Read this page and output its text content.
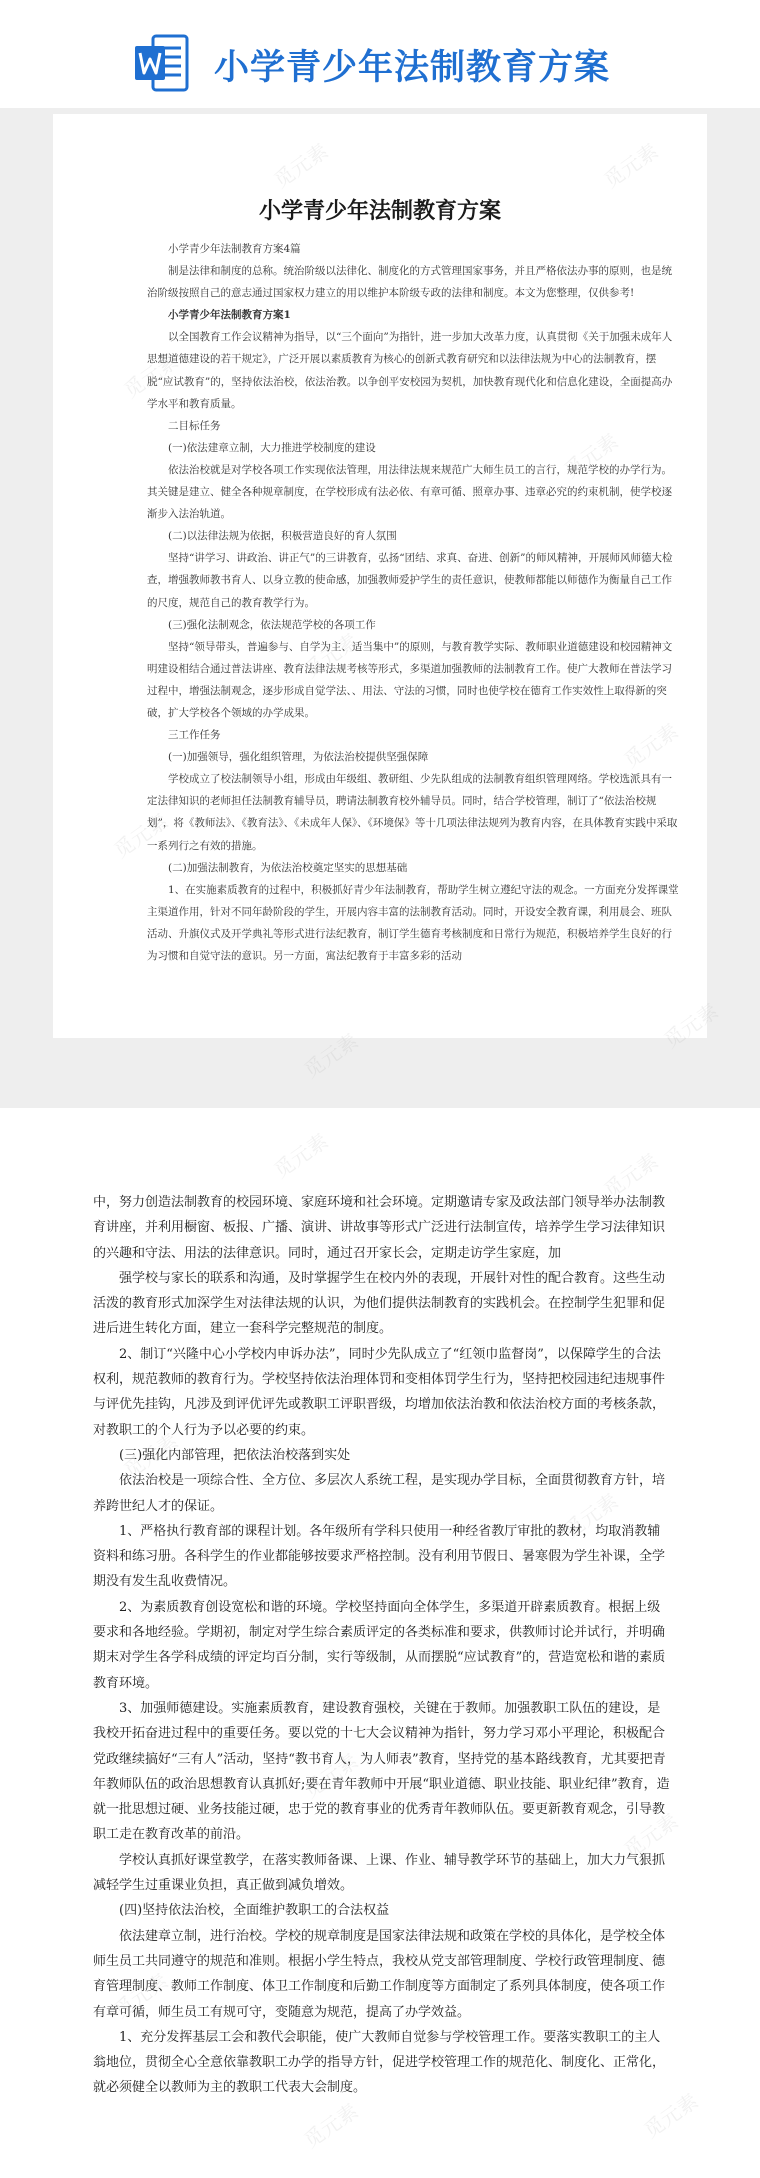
小学青少年法制教育方案
小学青少年法制教育方案

小学青少年法制教育方案4篇

制是法律和制度的总称。统治阶级以法律化、制度化的方式管理国家事务，并且严格依法办事的原则，也是统治阶级按照自己的意志通过国家权力建立的用以维护本阶级专政的法律和制度。本文为您整理，仅供参考!

小学青少年法制教育方案1

以全国教育工作会议精神为指导，以“三个面向”为指针，进一步加大改革力度，认真贯彻《关于加强未成年人思想道德建设的若干规定》，广泛开展以素质教育为核心的创新式教育研究和以法律法规为中心的法制教育，摆脱“应试教育”的，坚持依法治校，依法治教。以争创平安校园为契机，加快教育现代化和信息化建设，全面提高办学水平和教育质量。

二目标任务

(一)依法建章立制，大力推进学校制度的建设

依法治校就是对学校各项工作实现依法管理，用法律法规来规范广大师生员工的言行，规范学校的办学行为。其关键是建立、健全各种规章制度，在学校形成有法必依、有章可循、照章办事、违章必究的约束机制，使学校逐渐步入法治轨道。

(二)以法律法规为依据，积极营造良好的育人氛围

坚持“讲学习、讲政治、讲正气”的三讲教育，弘扬“团结、求真、奋进、创新”的师风精神，开展师风师德大检查，增强教师教书育人、以身立教的使命感，加强教师爱护学生的责任意识，使教师都能以师德作为衡量自己工作的尺度，规范自己的教育教学行为。

(三)强化法制观念，依法规范学校的各项工作

坚持“领导带头，普遍参与、自学为主、适当集中”的原则，与教育教学实际、教师职业道德建设和校园精神文明建设相结合通过普法讲座、教育法律法规考核等形式，多渠道加强教师的法制教育工作。使广大教师在普法学习过程中，增强法制观念，逐步形成自觉学法、、用法、守法的习惯，同时也使学校在德育工作实效性上取得新的突破，扩大学校各个领域的办学成果。

三工作任务

(一)加强领导，强化组织管理，为依法治校提供坚强保障

学校成立了校法制领导小组，形成由年级组、教研组、少先队组成的法制教育组织管理网络。学校选派具有一定法律知识的老师担任法制教育辅导员，聘请法制教育校外辅导员。同时，结合学校管理，制订了“依法治校规划”，将《教师法》、《教育法》、《未成年人保》、《环境保》等十几项法律法规列为教育内容，在具体教育实践中采取一系列行之有效的措施。

(二)加强法制教育，为依法治校奠定坚实的思想基础

1、在实施素质教育的过程中，积极抓好青少年法制教育，帮助学生树立遵纪守法的观念。一方面充分发挥课堂主渠道作用，针对不同年龄阶段的学生，开展内容丰富的法制教育活动。同时，开设安全教育课，利用晨会、班队活动、升旗仪式及开学典礼等形式进行法纪教育，制订学生德育考核制度和日常行为规范，积极培养学生良好的行为习惯和自觉守法的意识。另一方面，寓法纪教育于丰富多彩的活动

中，努力创造法制教育的校园环境、家庭环境和社会环境。定期邀请专家及政法部门领导举办法制教育讲座，并利用橱窗、板报、广播、演讲、讲故事等形式广泛进行法制宣传，培养学生学习法律知识的兴趣和守法、用法的法律意识。同时，通过召开家长会，定期走访学生家庭，加

强学校与家长的联系和沟通，及时掌握学生在校内外的表现，开展针对性的配合教育。这些生动活泼的教育形式加深学生对法律法规的认识，为他们提供法制教育的实践机会。在控制学生犯罪和促进后进生转化方面，建立一套科学完整规范的制度。

2、制订“兴隆中心小学校内申诉办法”，同时少先队成立了“红领巾监督岗”，以保障学生的合法权利，规范教师的教育行为。学校坚持依法治理体罚和变相体罚学生行为，坚持把校园违纪违规事件与评优先挂钩，凡涉及到评优评先或教职工评职晋级，均增加依法治教和依法治校方面的考核条款，对教职工的个人行为予以必要的约束。

(三)强化内部管理，把依法治校落到实处

依法治校是一项综合性、全方位、多层次人系统工程，是实现办学目标，全面贯彻教育方针，培养跨世纪人才的保证。

1、严格执行教育部的课程计划。各年级所有学科只使用一种经省教厅审批的教材，均取消教辅资料和练习册。各科学生的作业都能够按要求严格控制。没有利用节假日、暑寒假为学生补课，全学期没有发生乱收费情况。

2、为素质教育创设宽松和谐的环境。学校坚持面向全体学生，多渠道开辟素质教育。根据上级要求和各地经验。学期初，制定对学生综合素质评定的各类标准和要求，供教师讨论并试行，并明确期末对学生各学科成绩的评定均百分制，实行等级制，从而摆脱“应试教育”的，营造宽松和谐的素质教育环境。

3、加强师德建设。实施素质教育，建设教育强校，关键在于教师。加强教职工队伍的建设，是我校开拓奋进过程中的重要任务。要以党的十七大会议精神为指针，努力学习邓小平理论，积极配合党政继续搞好“三有人”活动，坚持“教书育人，为人师表”教育，坚持党的基本路线教育，尤其要把青年教师队伍的政治思想教育认真抓好;要在青年教师中开展“职业道德、职业技能、职业纪律”教育，造就一批思想过硬、业务技能过硬，忠于党的教育事业的优秀青年教师队伍。要更新教育观念，引导教职工走在教育改革的前沿。

学校认真抓好课堂教学，在落实教师备课、上课、作业、辅导教学环节的基础上，加大力气狠抓减轻学生过重课业负担，真正做到减负增效。

(四)坚持依法治校，全面维护教职工的合法权益

依法建章立制，进行治校。学校的规章制度是国家法律法规和政策在学校的具体化，是学校全体师生员工共同遵守的规范和准则。根据小学生特点，我校从党支部管理制度、学校行政管理制度、德育管理制度、教师工作制度、体卫工作制度和后勤工作制度等方面制定了系列具体制度，使各项工作有章可循，师生员工有规可守，变随意为规范，提高了办学效益。

1、充分发挥基层工会和教代会职能，使广大教师自觉参与学校管理工作。要落实教职工的主人翁地位，贯彻全心全意依靠教职工办学的指导方针，促进学校管理工作的规范化、制度化、正常化，就必须健全以教师为主的教职工代表大会制度。

觅元素	觅元素
觅元素
觅元素
觅元素
觅元素
觅元素
觅元素	觅元素
